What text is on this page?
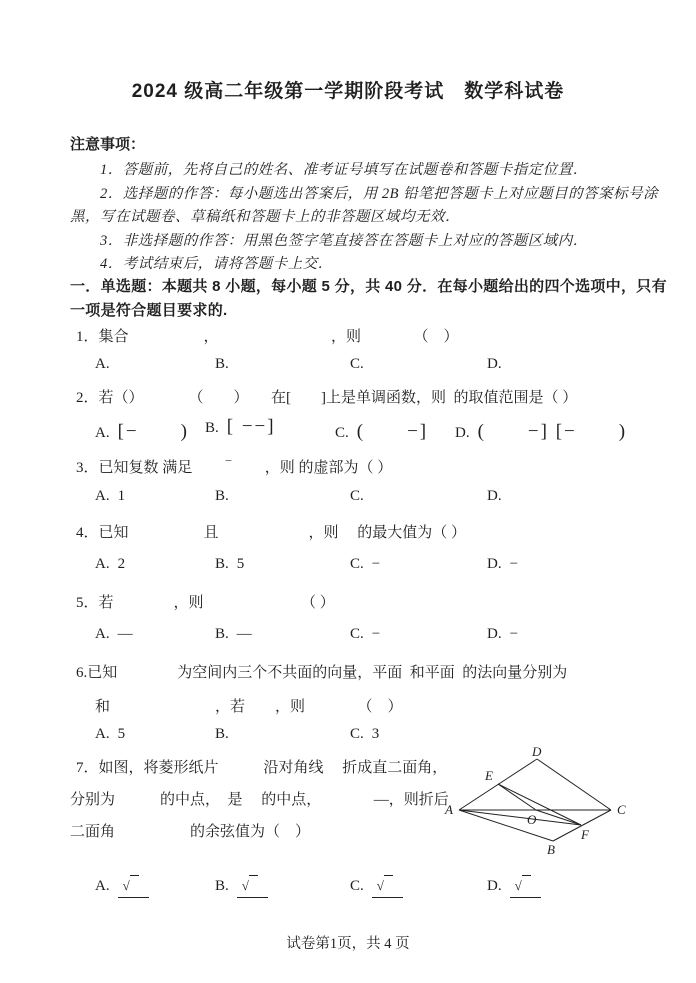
2024 级高二年级第一学期阶段考试　数学科试卷
注意事项：
1．答题前，先将自己的姓名、准考证号填写在试题卷和答题卡指定位置．
2．选择题的作答：每小题选出答案后，用 2B 铅笔把答题卡上对应题目的答案标号涂
黑，写在试题卷、草稿纸和答题卡上的非答题区域均无效．
3．非选择题的作答：用黑色签字笔直接答在答题卡上对应的答题区域内．
4．考试结束后，请将答题卡上交．
一．单选题：本题共 8 小题，每小题 5 分，共 40 分．在每小题给出的四个选项中，只有
一项是符合题目要求的.
1．集合　　　　　，　　　　　　　　，则　　　　（　）
A.	B.	C.	D.
2．若（）　　　　（　　）　　在[　　]上是单调函数，则  的取值范围是（ ）
A. [−　　) B. [ −−]	C. (　　−] D. (　　−] [−　　)
3．已知复数 满足　　 ‾ 　　，则 的虚部为（ ）
A. 1	B.	C.	D.
4．已知　　　　　且　　　　　　，则　 的最大值为（ ）
A. 2	B. 5	C. −	D. −
5．若　　　　，则　　　　　　　（ ）
A. —	B. —	C. −	D. −
6.已知　　　　为空间内三个不共面的向量，平面  和平面  的法向量分别为
和　　　　　　　，若　　，则　　　　（　）
A. 5	B.	C. 3
7．如图，将菱形纸片　　　沿对角线　 折成直二面角，
分别为　　　的中点，　是　 的中点，　　　　—，则折后
二面角　　　　　的余弦值为（　）
D
E
A	C
O
F
B
A. √	B. √	C. √	D. √
试卷第1页，共 4 页
